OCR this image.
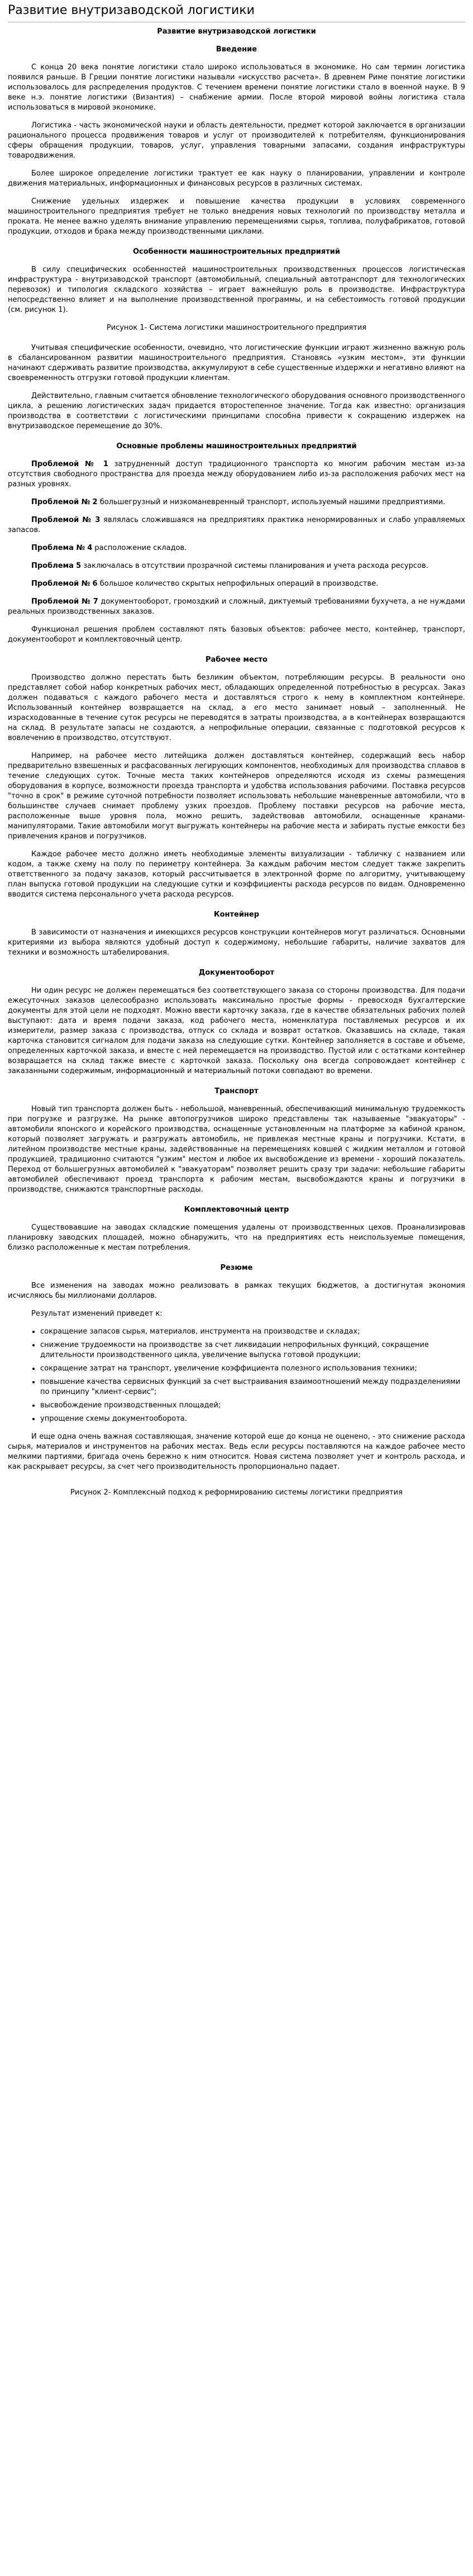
Развитие внутризаводской логистики
Развитие внутризаводской логистики
Введение

С конца 20 века понятие логистики стало широко использоваться в экономике. Но сам термин логистика появился раньше. В Греции понятие логистики называли «искусство расчета». В древнем Риме понятие логистики использовалось для распределения продуктов. С течением времени понятие логистики стало в военной науке. В 9 веке н.э. понятие логистики (Византия) – снабжение армии. После второй мировой войны логистика стала использоваться в мировой экономике.

Логистика - часть экономической науки и область деятельности, предмет которой заключается в организации рационального процесса продвижения товаров и услуг от производителей к потребителям, функционирования сферы обращения продукции, товаров, услуг, управления товарными запасами, создания инфраструктуры товародвижения.

Более широкое определение логистики трактует ее как науку о планировании, управлении и контроле движения материальных, информационных и финансовых ресурсов в различных системах.

Снижение удельных издержек и повышение качества продукции в условиях современного машиностроительного предприятия требует не только внедрения новых технологий по производству металла и проката. Не менее важно уделять внимание управлению перемещениями сырья, топлива, полуфабрикатов, готовой продукции, отходов и брака между производственными циклами.

Особенности машиностроительных предприятий

В силу специфических особенностей машиностроительных производственных процессов логистическая инфраструктура - внутризаводской транспорт (автомобильный, специальный автотранспорт для технологических перевозок) и типология складского хозяйства – играет важнейшую роль в производстве. Инфраструктура непосредственно влияет и на выполнение производственной программы, и на себестоимость готовой продукции (см. рисунок 1).

Рисунок 1- Система логистики машиностроительного предприятия

Учитывая специфические особенности, очевидно, что логистические функции играют жизненно важную роль в сбалансированном развитии машиностроительного предприятия. Становясь «узким местом», эти функции начинают сдерживать развитие производства, аккумулируют в себе существенные издержки и негативно влияют на своевременность отгрузки готовой продукции клиентам.

Действительно, главным считается обновление технологического оборудования основного производственного цикла, а решению логистических задач придается второстепенное значение. Тогда как известно: организация производства в соответствии с логистическими принципами способна привести к сокращению издержек на внутризаводское перемещение до 30%.

Основные проблемы машиностроительных предприятий

Проблемой № 1 затрудненный доступ традиционного транспорта ко многим рабочим местам из-за отсутствия свободного пространства для проезда между оборудованием либо из-за расположения рабочих мест на разных уровнях.

Проблемой № 2 большегрузный и низкоманевренный транспорт, используемый нашими предприятиями.

Проблемой № 3 являлась сложившаяся на предприятиях практика ненормированных и слабо управляемых запасов.

Проблема № 4 расположение складов.

Проблема 5 заключалась в отсутствии прозрачной системы планирования и учета расхода ресурсов.

Проблемой № 6 большое количество скрытых непрофильных операций в производстве.

Проблемой № 7 документооборот, громоздкий и сложный, диктуемый требованиями бухучета, а не нуждами реальных производственных заказов.

Функционал решения проблем составляют пять базовых объектов: рабочее место, контейнер, транспорт, документооборот и комплектовочный центр.

Рабочее место

Производство должно перестать быть безликим объектом, потребляющим ресурсы. В реальности оно представляет собой набор конкретных рабочих мест, обладающих определенной потребностью в ресурсах. Заказ должен подаваться с каждого рабочего места и доставляться строго к нему в комплектном контейнере. Использованный контейнер возвращается на склад, а его место занимает новый – заполненный. Не израсходованные в течение суток ресурсы не переводятся в затраты производства, а в контейнерах возвращаются на склад. В результате запасы не создаются, а непрофильные операции, связанные с подготовкой ресурсов к вовлечению в производство, отсутствуют.

Например, на рабочее место литейщика должен доставляться контейнер, содержащий весь набор предварительно взвешенных и расфасованных легирующих компонентов, необходимых для производства сплавов в течение следующих суток. Точные места таких контейнеров определяются исходя из схемы размещения оборудования в корпусе, возможности проезда транспорта и удобства использования рабочими. Поставка ресурсов "точно в срок" в режиме суточной потребности позволяет использовать небольшие маневренные автомобили, что в большинстве случаев снимает проблему узких проездов. Проблему поставки ресурсов на рабочие места, расположенные выше уровня пола, можно решить, задействовав автомобили, оснащенные кранами-манипуляторами. Такие автомобили могут выгружать контейнеры на рабочие места и забирать пустые емкости без привлечения кранов и погрузчиков.

Каждое рабочее место должно иметь необходимые элементы визуализации - табличку с названием или кодом, а также схему на полу по периметру контейнера. За каждым рабочим местом следует также закрепить ответственного за подачу заказов, который рассчитывается в электронной форме по алгоритму, учитывающему план выпуска готовой продукции на следующие сутки и коэффициенты расхода ресурсов по видам. Одновременно вводится система персонального учета расхода ресурсов.

Контейнер

В зависимости от назначения и имеющихся ресурсов конструкции контейнеров могут различаться. Основными критериями из выбора являются удобный доступ к содержимому, небольшие габариты, наличие захватов для техники и возможность штабелирования.

Документооборот

Ни один ресурс не должен перемещаться без соответствующего заказа со стороны производства. Для подачи ежесуточных заказов целесообразно использовать максимально простые формы - превосходя бухгалтерские документы для этой цели не подходят. Можно ввести карточку заказа, где в качестве обязательных рабочих полей выступают: дата и время подачи заказа, код рабочего места, номенклатура поставляемых ресурсов и их измерители, размер заказа с производства, отпуск со склада и возврат остатков. Оказавшись на складе, такая карточка становится сигналом для подачи заказа на следующие сутки. Контейнер заполняется в составе и объеме, определенных карточкой заказа, и вместе с ней перемещается на производство. Пустой или с остатками контейнер возвращается на склад также вместе с карточкой заказа. Поскольку она всегда сопровождает контейнер с заказанными содержимым, информационный и материальный потоки совпадают во времени.

Транспорт

Новый тип транспорта должен быть - небольшой, маневренный, обеспечивающий минимальную трудоемкость при погрузке и разгрузке. На рынке автопогрузчиков широко представлены так называемые "эвакуаторы" - автомобили японского и корейского производства, оснащенные установленным на платформе за кабиной краном, который позволяет загружать и разгружать автомобиль, не привлекая местные краны и погрузчики. Кстати, в литейном производстве местные краны, задействованные на перемещениях ковшей с жидким металлом и готовой продукцией, традиционно считаются "узким" местом и любое их высвобождение из времени - хороший показатель. Переход от большегрузных автомобилей к "эвакуаторам" позволяет решить сразу три задачи: небольшие габариты автомобилей обеспечивают проезд транспорта к рабочим местам, высвобождаются краны и погрузчики в производстве, снижаются транспортные расходы.

Комплектовочный центр

Существовавшие на заводах складские помещения удалены от производственных цехов. Проанализировав планировку заводских площадей, можно обнаружить, что на предприятиях есть неиспользуемые помещения, близко расположенные к местам потребления.

Резюме

Все изменения на заводах можно реализовать в рамках текущих бюджетов, а достигнутая экономия исчисляюсь бы миллионами долларов.

Результат изменений приведет к:

• сокращение запасов сырья, материалов, инструмента на производстве и складах;
• снижение трудоемкости на производстве за счет ликвидации непрофильных функций, сокращение длительности производственного цикла, увеличение выпуска готовой продукции;
• сокращение затрат на транспорт, увеличение коэффициента полезного использования техники;
• повышение качества сервисных функций за счет выстраивания взаимоотношений между подразделениями по принципу "клиент-сервис";
• высвобождение производственных площадей;
• упрощение схемы документооборота.

И еще одна очень важная составляющая, значение которой еще до конца не оценено, - это снижение расхода сырья, материалов и инструментов на рабочих местах. Ведь если ресурсы поставляются на каждое рабочее место мелкими партиями, бригада очень бережно к ним относится. Новая система позволяет учет и контроль расхода, и как раскрывает ресурсы, за счет чего производительность пропорционально падает.

Рисунок 2- Комплексный подход к реформированию системы логистики предприятия
